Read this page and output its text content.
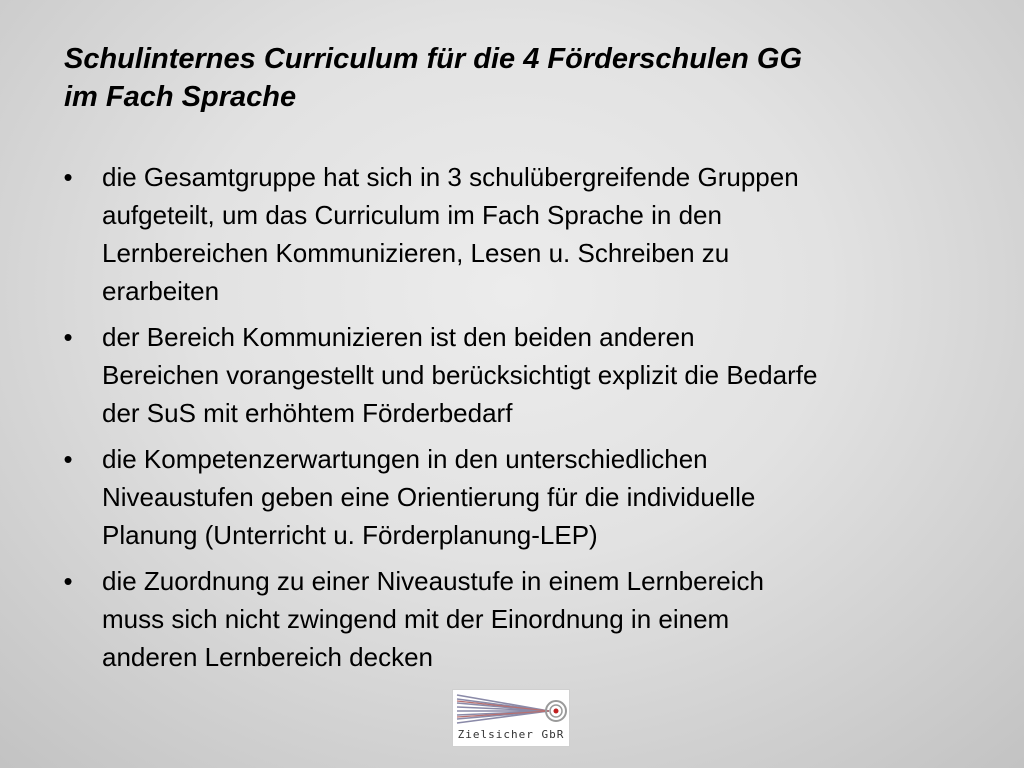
Schulinternes Curriculum für die 4 Förderschulen GG
im Fach Sprache
• die Gesamtgruppe hat sich in 3 schulübergreifende Gruppen
aufgeteilt, um das Curriculum im Fach Sprache in den
Lernbereichen Kommunizieren, Lesen u. Schreiben zu
erarbeiten
• der Bereich Kommunizieren ist den beiden anderen
Bereichen vorangestellt und berücksichtigt explizit die Bedarfe
der SuS mit erhöhtem Förderbedarf
• die Kompetenzerwartungen in den unterschiedlichen
Niveaustufen geben eine Orientierung für die individuelle
Planung (Unterricht u. Förderplanung-LEP)
• die Zuordnung zu einer Niveaustufe in einem Lernbereich
muss sich nicht zwingend mit der Einordnung in einem
anderen Lernbereich decken
Zielsicher GbR
